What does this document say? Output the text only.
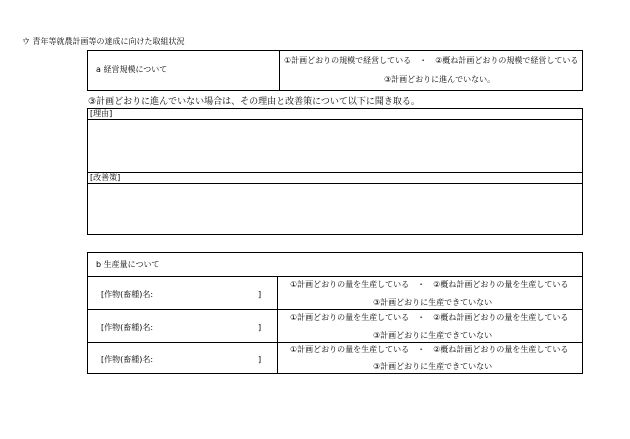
ウ 青年等就農計画等の達成に向けた取組状況
a 経営規模について
①計画どおりの規模で経営している　・　②概ね計画どおりの規模で経営している
③計画どおりに進んでいない。
③計画どおりに進んでいない場合は、その理由と改善策について以下に聞き取る。
[理由]
[改善策]
b 生産量について
[作物(畜種)名:	]
①計画どおりの量を生産している　・　②概ね計画どおりの量を生産している
③計画どおりに生産できていない
[作物(畜種)名:	]
①計画どおりの量を生産している　・　②概ね計画どおりの量を生産している
③計画どおりに生産できていない
[作物(畜種)名:	]
①計画どおりの量を生産している　・　②概ね計画どおりの量を生産している
③計画どおりに生産できていない
